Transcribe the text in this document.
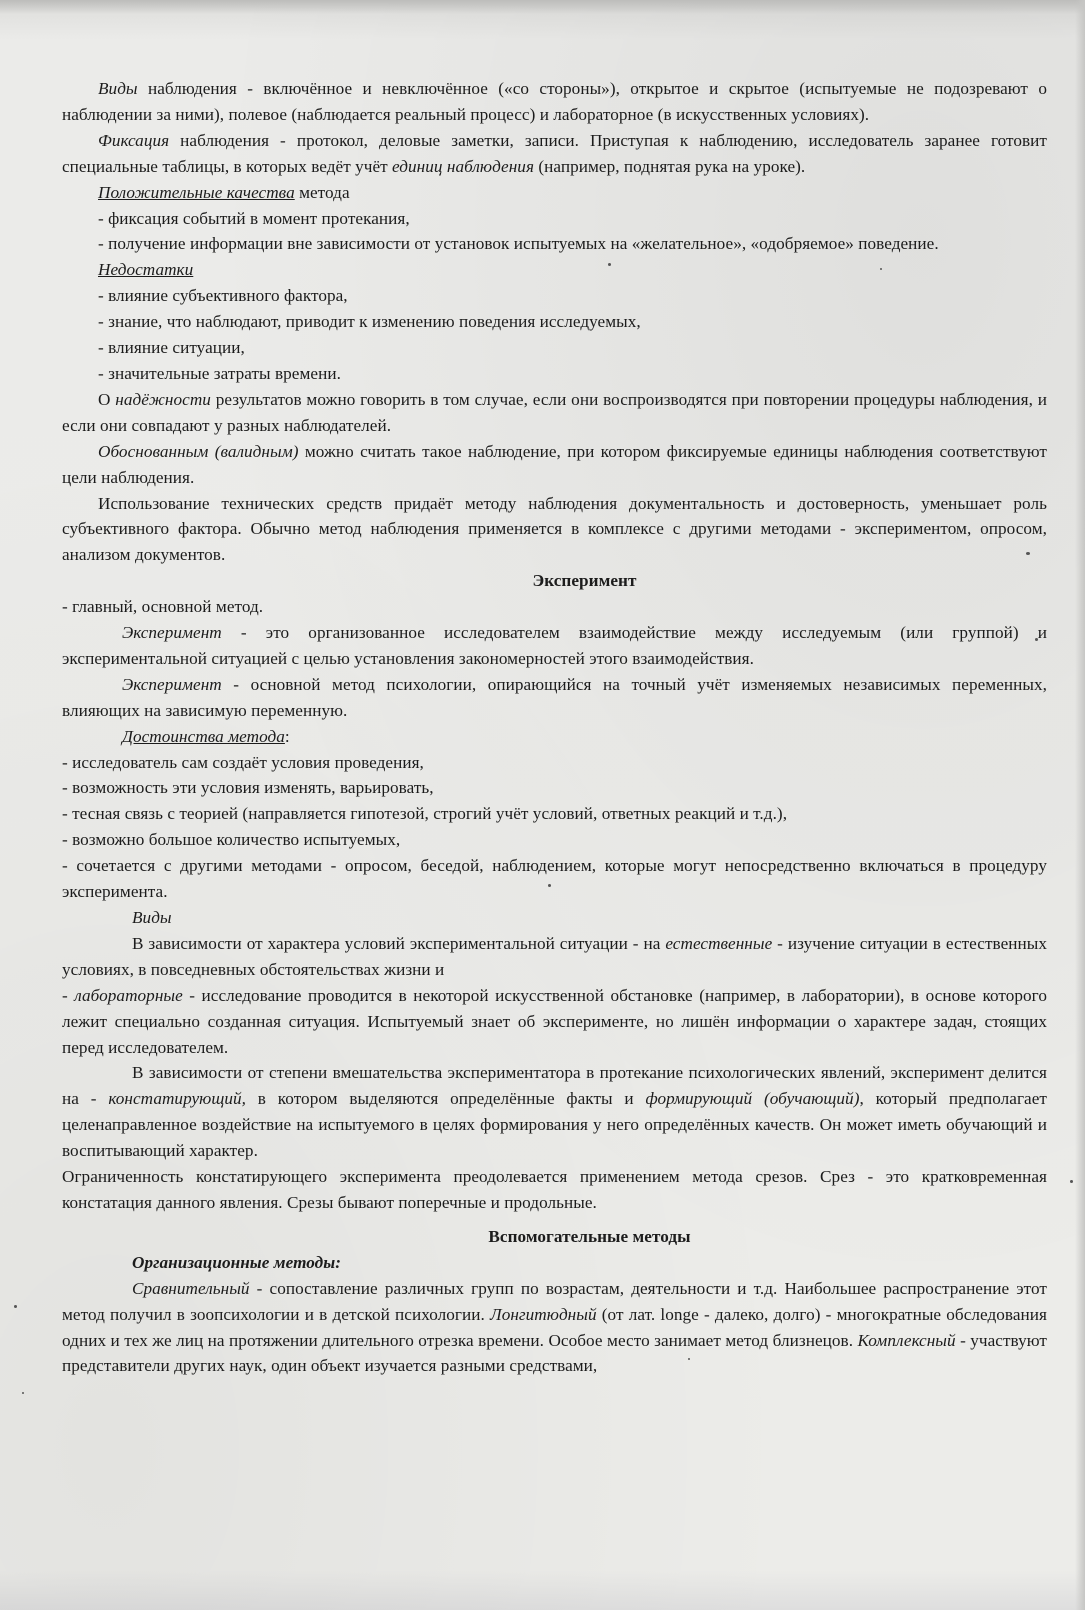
Виды наблюдения - включённое и невключённое («со стороны»), открытое и скрытое (испытуемые не подозревают о наблюдении за ними), полевое (наблюдается реальный процесс) и лабораторное (в искусственных условиях).

Фиксация наблюдения - протокол, деловые заметки, записи. Приступая к наблюдению, исследователь заранее готовит специальные таблицы, в которых ведёт учёт единиц наблюдения (например, поднятая рука на уроке).

Положительные качества метода

- фиксация событий в момент протекания,

- получение информации вне зависимости от установок испытуемых на «желательное», «одобряемое» поведение.

Недостатки

- влияние субъективного фактора,

- знание, что наблюдают, приводит к изменению поведения исследуемых,

- влияние ситуации,

- значительные затраты времени.

О надёжности результатов можно говорить в том случае, если они воспроизводятся при повторении процедуры наблюдения, и если они совпадают у разных наблюдателей.

Обоснованным (валидным) можно считать такое наблюдение, при котором фиксируемые единицы наблюдения соответствуют цели наблюдения.

Использование технических средств придаёт методу наблюдения документальность и достоверность, уменьшает роль субъективного фактора. Обычно метод наблюдения применяется в комплексе с другими методами - экспериментом, опросом, анализом документов.

Эксперимент

- главный, основной метод.

Эксперимент - это организованное исследователем взаимодействие между исследуемым (или группой) и экспериментальной ситуацией с целью установления закономерностей этого взаимодействия.

Эксперимент - основной метод психологии, опирающийся на точный учёт изменяемых независимых переменных, влияющих на зависимую переменную.

Достоинства метода:

- исследователь сам создаёт условия проведения,

- возможность эти условия изменять, варьировать,

- тесная связь с теорией (направляется гипотезой, строгий учёт условий, ответных реакций и т.д.),

- возможно большое количество испытуемых,

- сочетается с другими методами - опросом, беседой, наблюдением, которые могут непосредственно включаться в процедуру эксперимента.

Виды

В зависимости от характера условий экспериментальной ситуации - на естественные - изучение ситуации в естественных условиях, в повседневных обстоятельствах жизни и

- лабораторные - исследование проводится в некоторой искусственной обстановке (например, в лаборатории), в основе которого лежит специально созданная ситуация. Испытуемый знает об эксперименте, но лишён информации о характере задач, стоящих перед исследователем.

В зависимости от степени вмешательства экспериментатора в протекание психологических явлений, эксперимент делится на - констатирующий, в котором выделяются определённые факты и формирующий (обучающий), который предполагает целенаправленное воздействие на испытуемого в целях формирования у него определённых качеств. Он может иметь обучающий и воспитывающий характер.

Ограниченность констатирующего эксперимента преодолевается применением метода срезов. Срез - это кратковременная констатация данного явления. Срезы бывают поперечные и продольные.

Вспомогательные методы

Организационные методы:

Сравнительный - сопоставление различных групп по возрастам, деятельности и т.д. Наибольшее распространение этот метод получил в зоопсихологии и в детской психологии. Лонгитюдный (от лат. longe - далеко, долго) - многократные обследования одних и тех же лиц на протяжении длительного отрезка времени. Особое место занимает метод близнецов. Комплексный - участвуют представители других наук, один объект изучается разными средствами,
